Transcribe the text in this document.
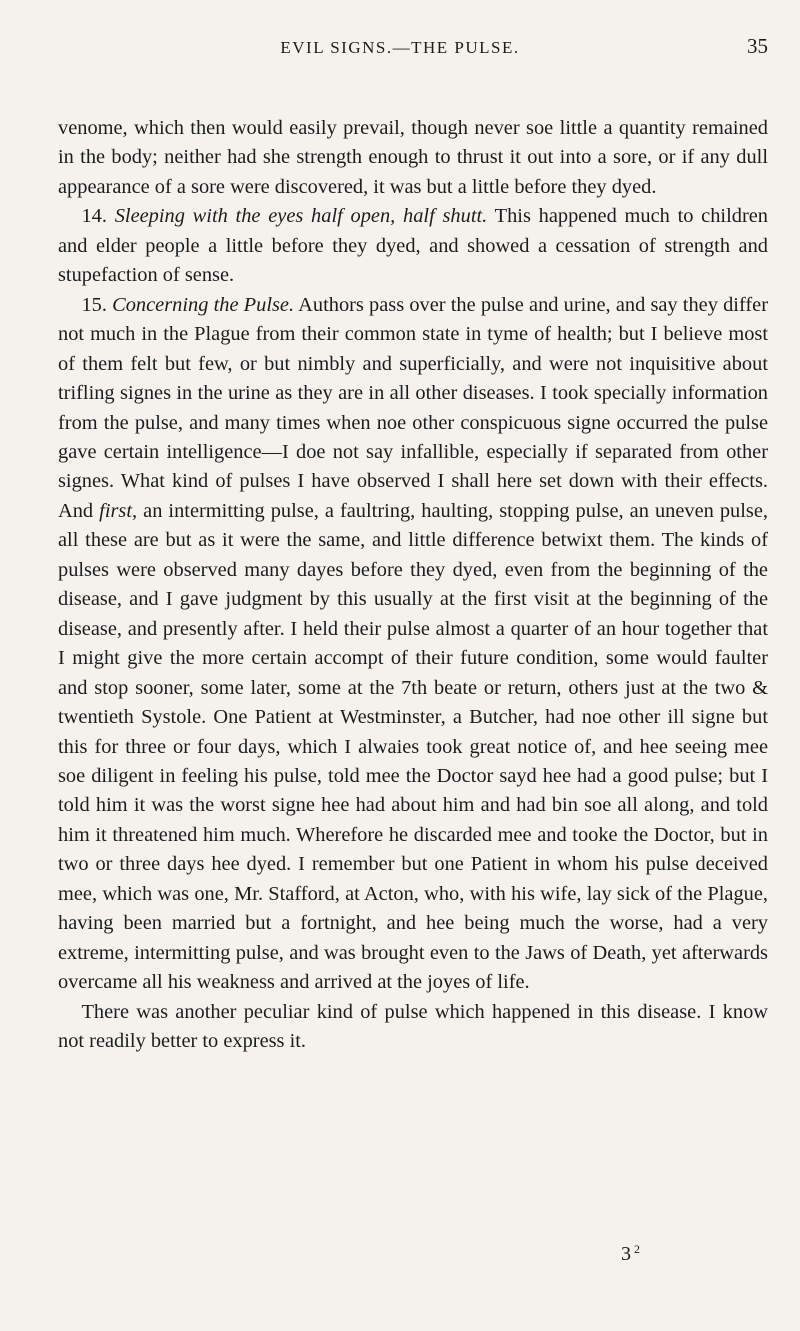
EVIL SIGNS.—THE PULSE.	35

venome, which then would easily prevail, though never soe little a quantity remained in the body; neither had she strength enough to thrust it out into a sore, or if any dull appearance of a sore were discovered, it was but a little before they dyed.

14. Sleeping with the eyes half open, half shutt. This happened much to children and elder people a little before they dyed, and showed a cessation of strength and stupefaction of sense.

15. Concerning the Pulse. Authors pass over the pulse and urine, and say they differ not much in the Plague from their common state in tyme of health; but I believe most of them felt but few, or but nimbly and superficially, and were not inquisitive about trifling signes in the urine as they are in all other diseases. I took specially information from the pulse, and many times when noe other conspicuous signe occurred the pulse gave certain intelligence—I doe not say infallible, especially if separated from other signes. What kind of pulses I have observed I shall here set down with their effects. And first, an intermitting pulse, a faultring, haulting, stopping pulse, an uneven pulse, all these are but as it were the same, and little difference betwixt them. The kinds of pulses were observed many dayes before they dyed, even from the beginning of the disease, and I gave judgment by this usually at the first visit at the beginning of the disease, and presently after. I held their pulse almost a quarter of an hour together that I might give the more certain accompt of their future condition, some would faulter and stop sooner, some later, some at the 7th beate or return, others just at the two & twentieth Systole. One Patient at Westminster, a Butcher, had noe other ill signe but this for three or four days, which I alwaies took great notice of, and hee seeing mee soe diligent in feeling his pulse, told mee the Doctor sayd hee had a good pulse; but I told him it was the worst signe hee had about him and had bin soe all along, and told him it threatened him much. Wherefore he discarded mee and tooke the Doctor, but in two or three days hee dyed. I remember but one Patient in whom his pulse deceived mee, which was one, Mr. Stafford, at Acton, who, with his wife, lay sick of the Plague, having been married but a fortnight, and hee being much the worse, had a very extreme, intermitting pulse, and was brought even to the Jaws of Death, yet afterwards overcame all his weakness and arrived at the joyes of life.

There was another peculiar kind of pulse which happened in this disease. I know not readily better to express it.

$3^2$
